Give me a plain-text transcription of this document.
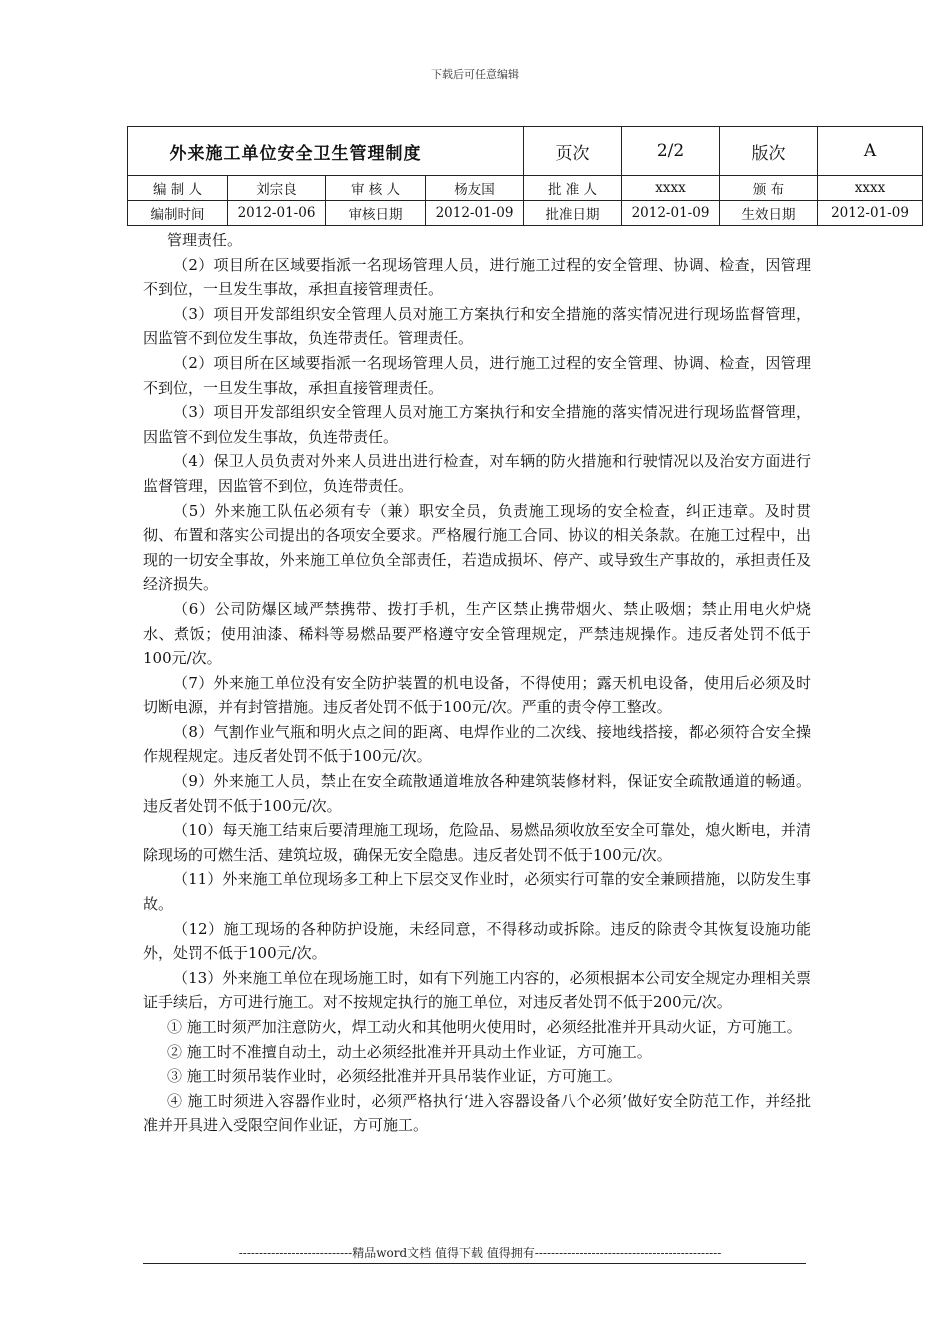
下载后可任意编辑
外来施工单位安全卫生管理制度				页次	2/2	版次	A
编 制 人	刘宗良	审 核 人	杨友国	批 准 人	xxxx	颁 布	xxxx
编制时间	2012-01-06	审核日期	2012-01-09	批准日期	2012-01-09	生效日期	2012-01-09

管理责任。

（2）项目所在区域要指派一名现场管理人员，进行施工过程的安全管理、协调、检查，因管理不到位，一旦发生事故，承担直接管理责任。

（3）项目开发部组织安全管理人员对施工方案执行和安全措施的落实情况进行现场监督管理，因监管不到位发生事故，负连带责任。管理责任。

（2）项目所在区域要指派一名现场管理人员，进行施工过程的安全管理、协调、检查，因管理不到位，一旦发生事故，承担直接管理责任。

（3）项目开发部组织安全管理人员对施工方案执行和安全措施的落实情况进行现场监督管理，因监管不到位发生事故，负连带责任。

（4）保卫人员负责对外来人员进出进行检查，对车辆的防火措施和行驶情况以及治安方面进行监督管理，因监管不到位，负连带责任。

（5）外来施工队伍必须有专（兼）职安全员，负责施工现场的安全检查，纠正违章。及时贯彻、布置和落实公司提出的各项安全要求。严格履行施工合同、协议的相关条款。在施工过程中，出现的一切安全事故，外来施工单位负全部责任，若造成损坏、停产、或导致生产事故的，承担责任及经济损失。

（6）公司防爆区域严禁携带、拨打手机，生产区禁止携带烟火、禁止吸烟；禁止用电火炉烧水、煮饭；使用油漆、稀料等易燃品要严格遵守安全管理规定，严禁违规操作。违反者处罚不低于100元/次。

（7）外来施工单位没有安全防护装置的机电设备，不得使用；露天机电设备，使用后必须及时切断电源，并有封管措施。违反者处罚不低于100元/次。严重的责令停工整改。

（8）气割作业气瓶和明火点之间的距离、电焊作业的二次线、接地线搭接，都必须符合安全操作规程规定。违反者处罚不低于100元/次。

（9）外来施工人员，禁止在安全疏散通道堆放各种建筑装修材料，保证安全疏散通道的畅通。违反者处罚不低于100元/次。

（10）每天施工结束后要清理施工现场，危险品、易燃品须收放至安全可靠处，熄火断电，并清除现场的可燃生活、建筑垃圾，确保无安全隐患。违反者处罚不低于100元/次。

（11）外来施工单位现场多工种上下层交叉作业时，必须实行可靠的安全兼顾措施，以防发生事故。

（12）施工现场的各种防护设施，未经同意，不得移动或拆除。违反的除责令其恢复设施功能外，处罚不低于100元/次。

（13）外来施工单位在现场施工时，如有下列施工内容的，必须根据本公司安全规定办理相关票证手续后，方可进行施工。对不按规定执行的施工单位，对违反者处罚不低于200元/次。

① 施工时须严加注意防火，焊工动火和其他明火使用时，必须经批准并开具动火证，方可施工。

② 施工时不准擅自动土，动土必须经批准并开具动土作业证，方可施工。

③ 施工时须吊装作业时，必须经批准并开具吊装作业证，方可施工。

④ 施工时须进入容器作业时，必须严格执行‘进入容器设备八个必须’做好安全防范工作，并经批准并开具进入受限空间作业证，方可施工。

----------------------------精品word文档 值得下载 值得拥有----------------------------------------------
